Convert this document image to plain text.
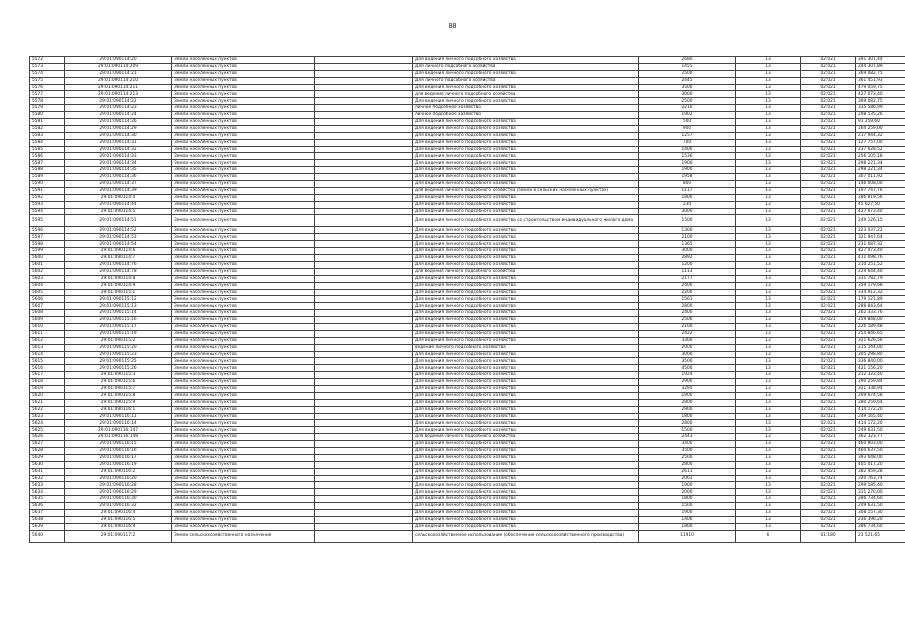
88
5572	29:01:090114:20	Земли населенных пунктов		Для ведения личного подсобного хозяйства	2680	13	02:021	391 301,44
5573	29:01:090114:209	Земли населенных пунктов		Для личного подсобного хозяйства	1455	13	02:021	244 307,89
5574	29:01:090114:21	Земли населенных пунктов		Для ведения личного подсобного хозяйства	2500	13	02:021	369 082,75
5575	29:01:090114:210	Земли населенных пунктов		Для личного подсобного хозяйства	2445	13	02:021	361 451,93
5576	29:01:090114:211	Земли населенных пунктов		Для ведения личного подсобного хозяйства	3500	13	02:021	479 059,75
5577	29:01:090114:213	Земли населенных пунктов		для ведения личного подсобного хозяйства	3000	13	02:021	427 073,40
5578	29:01:090114:22	Земли населенных пунктов		Для ведения личного подсобного хозяйства	2500	13	02:021	369 082,75
5579	29:01:090114:23	Земли населенных пунктов		личное подсобное хозяйство	2210	13	02:021	335 586,99
5580	29:01:090114:24	Земли населенных пунктов		личное подсобное хозяйство	1902	13	02:021	298 535,26
5581	29:01:090114:26	Земли населенных пунктов		Для ведения личного подсобного хозяйства	500	13	02:021	91 259,60
5582	29:01:090114:29	Земли населенных пунктов		Для ведения личного подсобного хозяйства	900	13	02:021	164 259,00
5583	29:01:090114:30	Земли населенных пунктов		Для ведения личного подсобного хозяйства	1257	13	02:021	217 944,32
5584	29:01:090114:31	Земли населенных пунктов		Для ведения личного подсобного хозяйства	700	13	02:021	127 757,00
5585	29:01:090114:32	Земли населенных пунктов		Для ведения личного подсобного хозяйства	1400	13	02:021	237 628,52
5586	29:01:090114:33	Земли населенных пунктов		Для ведения личного подсобного хозяйства	1536	13	02:021	256 105,18
5587	29:01:090114:34	Земли населенных пунктов		Для ведения личного подсобного хозяйства	1900	13	02:021	298 221,34
5588	29:01:090114:35	Земли населенных пунктов		Для ведения личного подсобного хозяйства	1900	13	02:021	298 221,34
5589	29:01:090114:36	Земли населенных пунктов		Для ведения личного подсобного хозяйства	1958	13	02:021	307 011,92
5590	29:01:090114:37	Земли населенных пунктов		Для ведения личного подсобного хозяйства	800	13	02:021	146 008,00
5591	29:01:090114:39	Земли населенных пунктов		для ведения личного подсобного хозяйства (земли в сельских населенных пунктах)	1117	13	02:021	197 747,76
5592	29:01:090114:4	Земли населенных пунктов		Для ведения личного подсобного хозяйства	1800	13	02:021	286 819,56
5593	29:01:090114:44	Земли населенных пунктов		Для ведения личного подсобного хозяйства	230	13	02:021	45 627,50
5594	29:01:090114:5	Земли населенных пунктов		Для ведения личного подсобного хозяйства	3000	13	02:021	427 073,40
5595	29:01:090114:51	Земли населенных пунктов		Для ведения личного подсобного хозяйства со строительством индивидуального жилого дома	1500	13	02:021	249 126,15
5596	29:01:090114:52	Земли населенных пунктов		Для ведения личного подсобного хозяйства	1300	13	02:021	223 037,22
5597	29:01:090114:53	Земли населенных пунктов		Для ведения личного подсобного хозяйства	2100	13	02:021	321 947,64
5598	29:01:090114:54	Земли населенных пунктов		Для ведения личного подсобного хозяйства	1365	13	02:021	231 687,32
5599	29:01:090114:6	Земли населенных пунктов		Для ведения личного подсобного хозяйства	3000	13	02:021	427 073,40
5600	29:01:090114:7	Земли населенных пунктов		Для ведения личного подсобного хозяйства	2892	13	02:021	411 098,76
5601	29:01:090114:76	Земли населенных пунктов		Для ведения личного подсобного хозяйства	1200	13	02:021	210 251,52
5602	29:01:090114:78	Земли населенных пунктов		для ведения личного подсобного хозяйства	1113	13	02:021	229 644,40
5603	29:01:090114:8	Земли населенных пунктов		Для ведения личного подсобного хозяйства	2177	13	02:021	331 782,79
5604	29:01:090114:9	Земли населенных пунктов		Для ведения личного подсобного хозяйства	2400	13	02:021	359 179,68
5605	29:01:090115:1	Земли населенных пунктов		Для ведения личного подсобного хозяйства	2200	13	02:021	334 912,32
5606	29:01:090115:12	Земли населенных пунктов		Для ведения личного подсобного хозяйства	1561	13	02:021	179 121,89
5607	29:01:090115:13	Земли населенных пунктов		Для ведения личного подсобного хозяйства	2800	13	02:021	288 843,64
5608	29:01:090115:14	Земли населенных пунктов		Для ведения личного подсобного хозяйства	2400	13	02:021	262 333,76
5609	29:01:090115:16	Земли населенных пунктов		Для ведения личного подсобного хозяйства	2500	13	02:021	259 848,00
5610	29:01:090115:17	Земли населенных пунктов		Для ведения личного подсобного хозяйства	2100	13	02:021	226 189,48
5611	29:01:090115:19	Земли населенных пунктов		Для ведения личного подсобного хозяйства	2422	13	02:021	254 846,65
5612	29:01:090115:2	Земли населенных пунктов		Для ведения личного подсобного хозяйства	3300	13	02:021	321 626,56
5613	29:01:090115:20	Земли населенных пунктов		ведение личного подсобного хозяйства	2000	13	02:021	215 144,00
5614	29:01:090115:23	Земли населенных пунктов		Для ведения личного подсобного хозяйства	3000	13	02:021	305 298,80
5615	29:01:090115:25	Земли населенных пунктов		Для ведения личного подсобного хозяйства	3500	13	02:021	336 840,00
5616	29:01:090115:26	Земли населенных пунктов		Для ведения личного подсобного хозяйства	4500	13	02:021	421 156,20
5617	29:01:090115:3	Земли населенных пунктов		Для ведения личного подсобного хозяйства	1924	13	02:021	212 323,40
5618	29:01:090115:6	Земли населенных пунктов		Для ведения личного подсобного хозяйства	2900	13	02:021	290 259,84
5619	29:01:090115:7	Земли населенных пунктов		Для ведения личного подсобного хозяйства	3295	13	02:021	321 338,94
5620	29:01:090115:8	Земли населенных пунктов		Для ведения личного подсобного хозяйства	1900	13	02:021	209 674,58
5621	29:01:090115:9	Земли населенных пунктов		Для ведения личного подсобного хозяйства	2800	13	02:021	280 259,64
5622	29:01:090116:1	Земли населенных пунктов		Для ведения личного подсобного хозяйства	2900	13	02:021	414 172,20
5623	29:01:090116:11	Земли населенных пунктов		Для ведения личного подсобного хозяйства	1800	13	02:021	249 165,40
5624	29:01:090116:14	Земли населенных пунктов		Для ведения личного подсобного хозяйства	2800	13	02:021	414 172,20
5625	29:01:090116:147	Земли населенных пунктов		Для ведения личного подсобного хозяйства	1500	13	02:021	249 631,50
5626	29:01:090116:148	Земли населенных пунктов		для ведения личного подсобного хозяйства	2443	13	02:021	362 323,77
5627	29:01:090116:15	Земли населенных пунктов		Для ведения личного подсобного хозяйства	3400	13	02:021	460 903,00
5628	29:01:090116:16	Земли населенных пунктов		Для ведения личного подсобного хозяйства	3500	13	02:021	460 637,50
5629	29:01:090116:17	Земли населенных пунктов		Для ведения личного подсобного хозяйства	2500	13	02:021	393 648,00
5630	29:01:090116:19	Земли населенных пунктов		Для ведения личного подсобного хозяйства	2800	13	02:021	405 017,20
5631	29:01:090116:2	Земли населенных пунктов		Для ведения личного подсобного хозяйства	2611	13	02:021	382 459,28
5632	29:01:090116:20	Земли населенных пунктов		Для ведения личного подсобного хозяйства	2061	13	02:021	320 763,74
5633	29:01:090116:28	Земли населенных пунктов		Для ведения личного подсобного хозяйства	1900	13	02:021	299 185,40
5634	29:01:090116:29	Земли населенных пунктов		Для ведения личного подсобного хозяйства	2000	13	02:021	311 270,00
5635	29:01:090116:30	Земли населенных пунктов		Для ведения личного подсобного хозяйства	1800	13	02:021	286 734,60
5636	29:01:090116:32	Земли населенных пунктов		Для ведения личного подсобного хозяйства	1500	13	02:021	249 631,50
5637	29:01:090116:4	Земли населенных пунктов		Для ведения личного подсобного хозяйства	1900	13	02:021	308 157,30
5638	29:01:090116:5	Земли населенных пунктов		Для ведения личного подсобного хозяйства	1400	13	02:021	236 396,20
5639	29:01:090116:9	Земли населенных пунктов		Для ведения личного подсобного хозяйства	1800	13	02:021	286 734,60
5640	29:01:090117:2	Земли сельскохозяйственного назначения		сельскохозяйственное использование (обеспечение сельскохозяйственного производства)	11910	6	01:180	23 521,65
